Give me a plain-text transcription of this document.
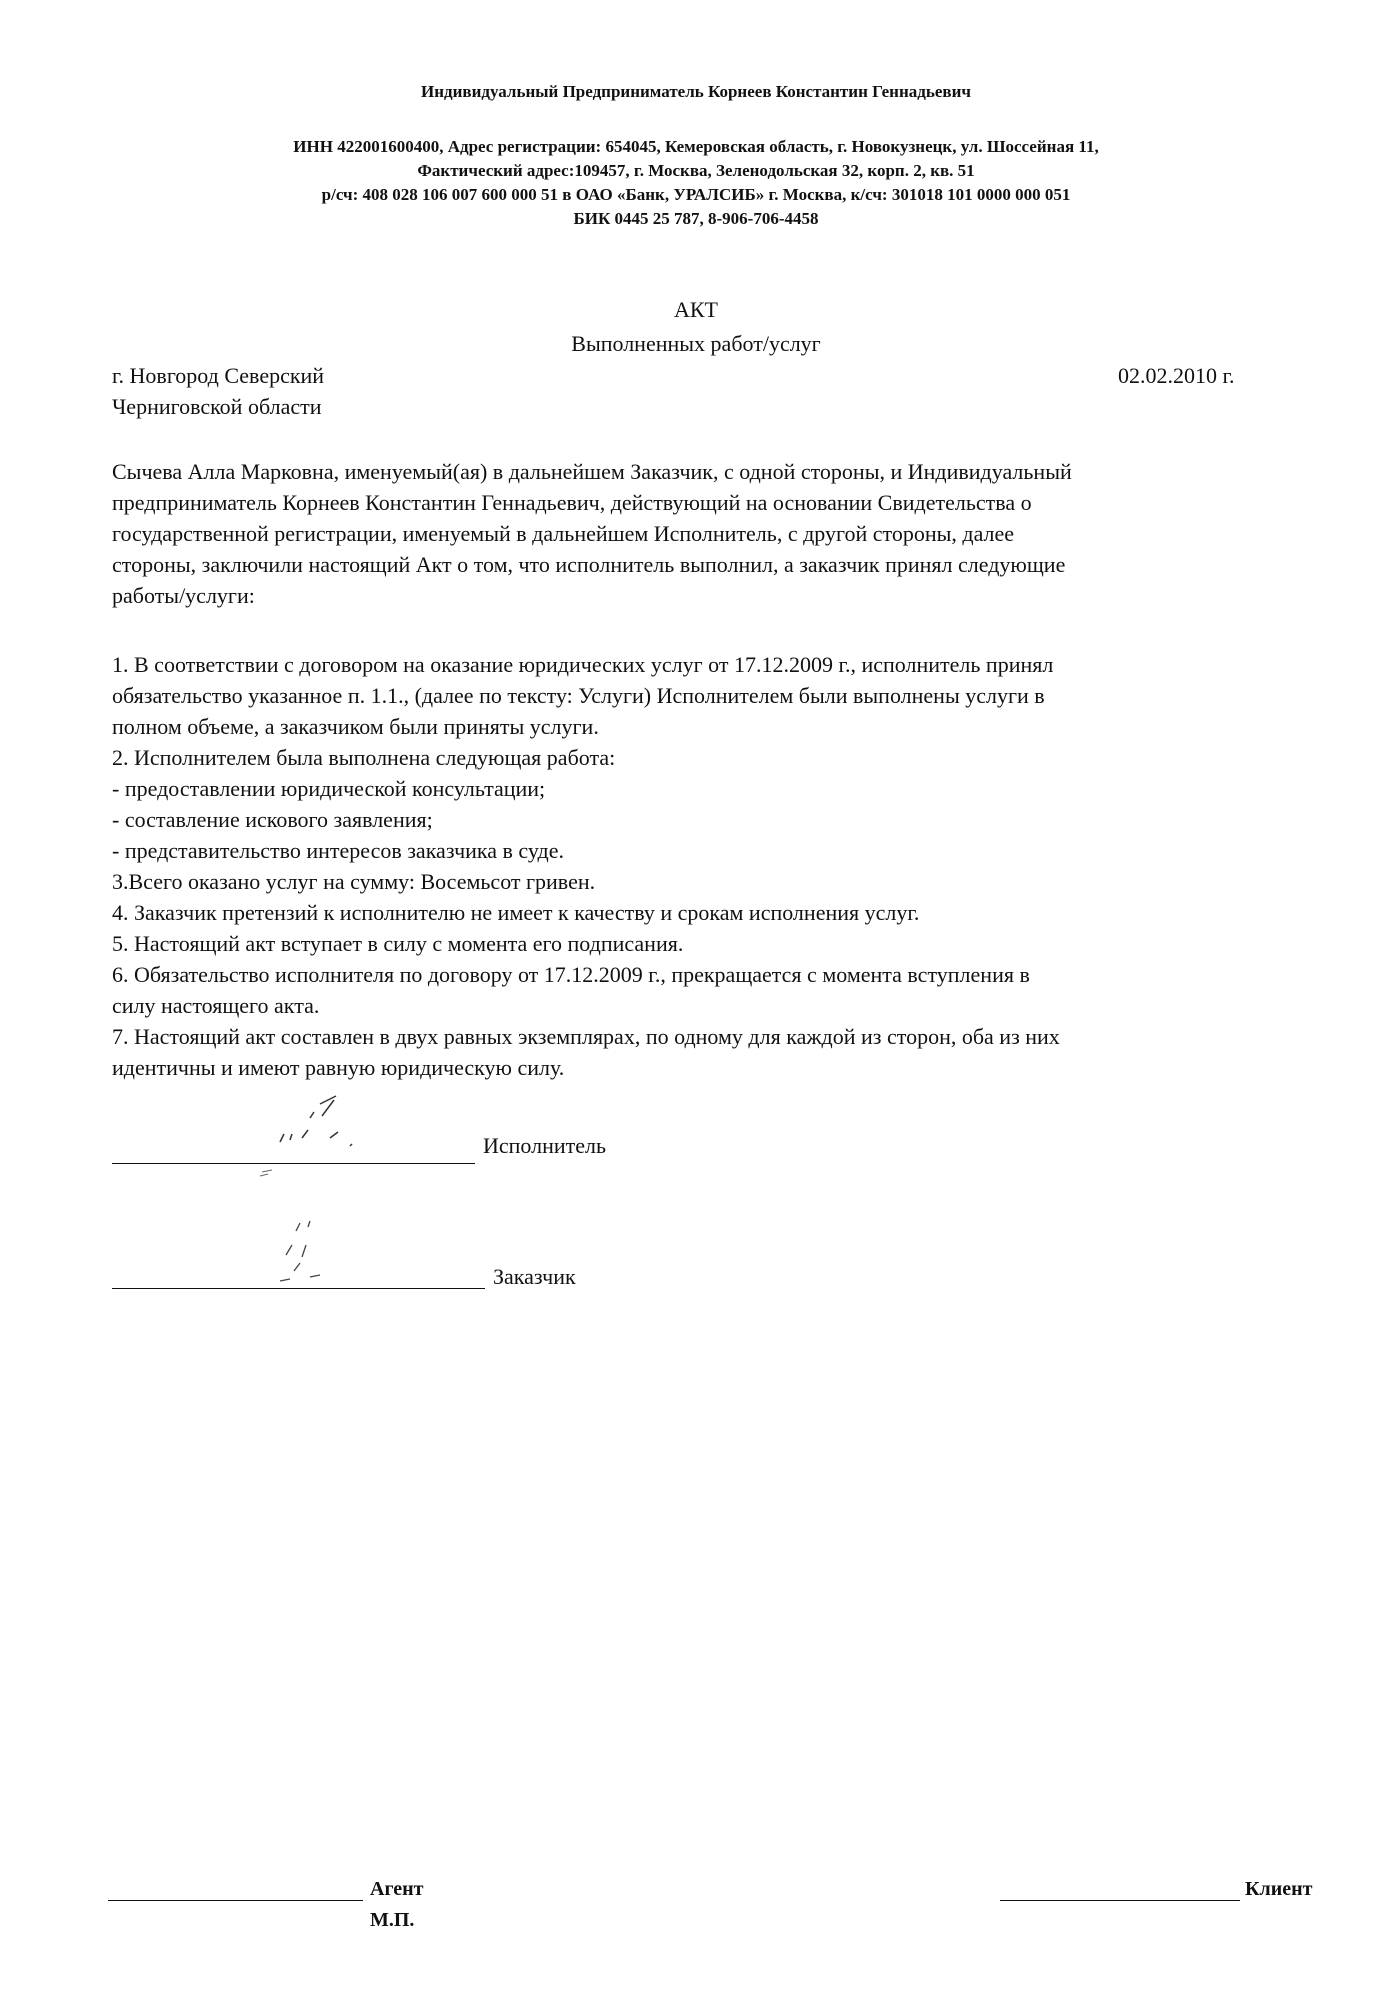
Индивидуальный Предприниматель Корнеев Константин Геннадьевич
ИНН 422001600400, Адрес регистрации: 654045, Кемеровская область, г. Новокузнецк, ул. Шоссейная 11,
Фактический адрес:109457, г. Москва, Зеленодольская 32, корп. 2, кв. 51
р/сч: 408 028 106 007 600 000 51 в ОАО «Банк, УРАЛСИБ» г. Москва, к/сч: 301018 101 0000 000 051
БИК 0445 25 787, 8-906-706-4458
АКТ
Выполненных работ/услуг
г. Новгород Северский
Черниговской области
02.02.2010 г.

Сычева Алла Марковна, именуемый(ая) в дальнейшем Заказчик, с одной стороны, и Индивидуальный

предприниматель Корнеев Константин Геннадьевич, действующий на основании Свидетельства о

государственной регистрации, именуемый в дальнейшем Исполнитель, с другой стороны, далее

стороны, заключили настоящий Акт о том, что исполнитель выполнил, а заказчик принял следующие

работы/услуги:

1. В соответствии с договором на оказание юридических услуг от 17.12.2009 г., исполнитель принял
обязательство указанное п. 1.1., (далее по тексту: Услуги) Исполнителем были выполнены услуги в
полном объеме, а заказчиком были приняты услуги.
2. Исполнителем была выполнена следующая работа:
- предоставлении юридической консультации;
- составление искового заявления;
- представительство интересов заказчика в суде.
3.Всего оказано услуг на сумму: Восемьсот гривен.
4. Заказчик претензий к исполнителю не имеет к качеству и срокам исполнения услуг.
5. Настоящий акт вступает в силу с момента его подписания.
6. Обязательство исполнителя по договору от 17.12.2009 г., прекращается с момента вступления в
силу настоящего акта.
7. Настоящий акт составлен в двух равных экземплярах, по одному для каждой из сторон, оба из них
идентичны и имеют равную юридическую силу.
Исполнитель
Заказчик
Агент
М.П.
Клиент
